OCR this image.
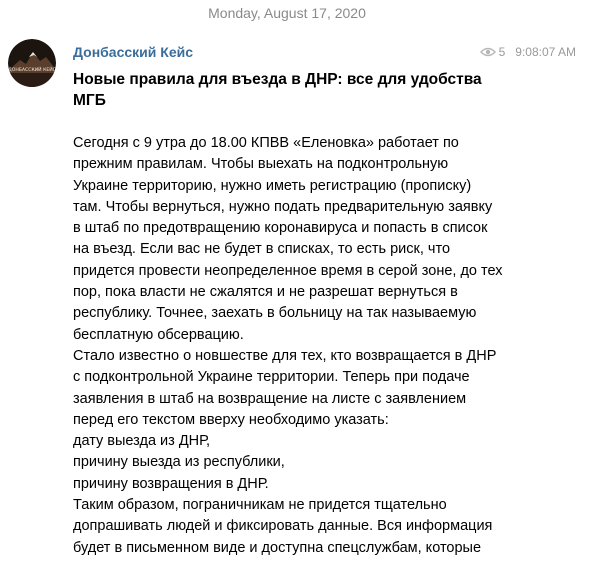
Monday, August 17, 2020
ДОНБАССКИЙ КЕЙС
Донбасский Кейс	5 9:08:07 AM
Новые правила для въезда в ДНР: все для удобства МГБ

Сегодня с 9 утра до 18.00 КПВВ «Еленовка» работает по прежним правилам. Чтобы выехать на подконтрольную Украине территорию, нужно иметь регистрацию (прописку) там. Чтобы вернуться, нужно подать предварительную заявку в штаб по предотвращению коронавируса и попасть в список на въезд. Если вас не будет в списках, то есть риск, что придется провести неопределенное время в серой зоне, до тех пор, пока власти не сжалятся и не разрешат вернуться в республику. Точнее, заехать в больницу на так называемую бесплатную обсервацию.

Стало известно о новшестве для тех, кто возвращается в ДНР с подконтрольной Украине территории. Теперь при подаче заявления в штаб на возвращение на листе с заявлением перед его текстом вверху необходимо указать:

дату выезда из ДНР,

причину выезда из республики,

причину возвращения в ДНР.

Таким образом, пограничникам не придется тщательно допрашивать людей и фиксировать данные. Вся информация будет в письменном виде и доступна спецслужбам, которые
